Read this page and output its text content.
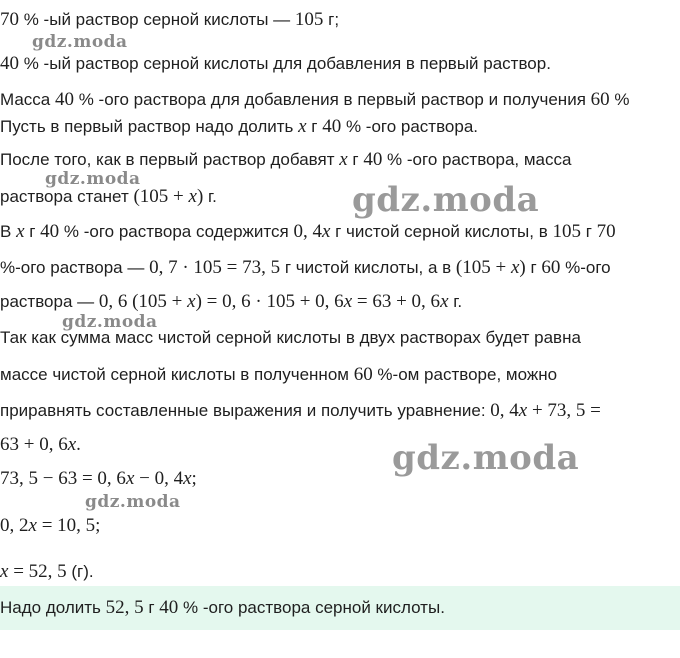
gdz.moda
gdz.moda
gdz.moda
gdz.moda
gdz.moda
gdz.moda
70 % -ый раствор серной кислоты — 105 г;
40 % -ый раствор серной кислоты для добавления в первый раствор.
Масса 40 % -ого раствора для добавления в первый раствор и получения 60 %
Пусть в первый раствор надо долить x г 40 % -ого раствора.
После того, как в первый раствор добавят x г 40 % -ого раствора, масса
раствора станет (105 + x) г.
В x г 40 % -ого раствора содержится 0, 4x г чистой серной кислоты, в 105 г 70
%-ого раствора — 0, 7 · 105 = 73, 5 г чистой кислоты, а в (105 + x) г 60 %-ого
раствора — 0, 6 (105 + x) = 0, 6 · 105 + 0, 6x = 63 + 0, 6x г.
Так как сумма масс чистой серной кислоты в двух растворах будет равна
массе чистой серной кислоты в полученном 60 %-ом растворе, можно
приравнять составленные выражения и получить уравнение: 0, 4x + 73, 5 =
63 + 0, 6x.
73, 5 − 63 = 0, 6x − 0, 4x;
0, 2x = 10, 5;
x = 52, 5 (г).
Надо долить 52, 5 г 40 % -ого раствора серной кислоты.
